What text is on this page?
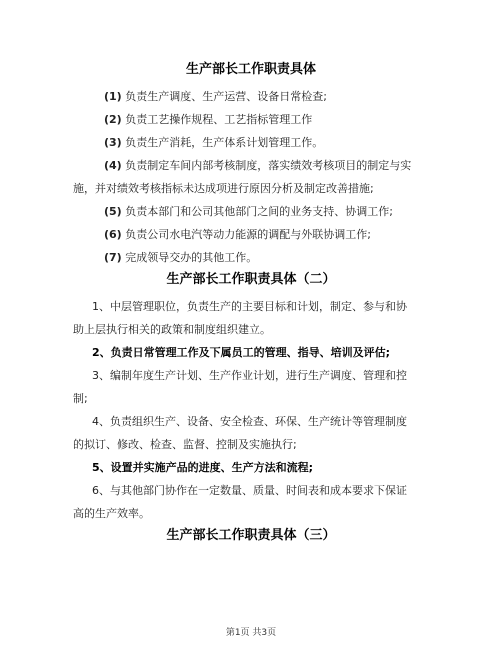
生产部长工作职责具体
(1) 负责生产调度、生产运营、设备日常检查;
(2) 负责工艺操作规程、工艺指标管理工作
(3) 负责生产消耗，生产体系计划管理工作。
(4) 负责制定车间内部考核制度，落实绩效考核项目的制定与实
施，并对绩效考核指标未达成项进行原因分析及制定改善措施;
(5) 负责本部门和公司其他部门之间的业务支持、协调工作;
(6) 负责公司水电汽等动力能源的调配与外联协调工作;
(7) 完成领导交办的其他工作。
生产部长工作职责具体（二）
1、中层管理职位，负责生产的主要目标和计划，制定、参与和协
助上层执行相关的政策和制度组织建立。
2、负责日常管理工作及下属员工的管理、指导、培训及评估;
3、编制年度生产计划、生产作业计划，进行生产调度、管理和控
制;
4、负责组织生产、设备、安全检查、环保、生产统计等管理制度
的拟订、修改、检查、监督、控制及实施执行;
5、设置并实施产品的进度、生产方法和流程;
6、与其他部门协作在一定数量、质量、时间表和成本要求下保证
高的生产效率。
生产部长工作职责具体（三）
第1页 共3页
